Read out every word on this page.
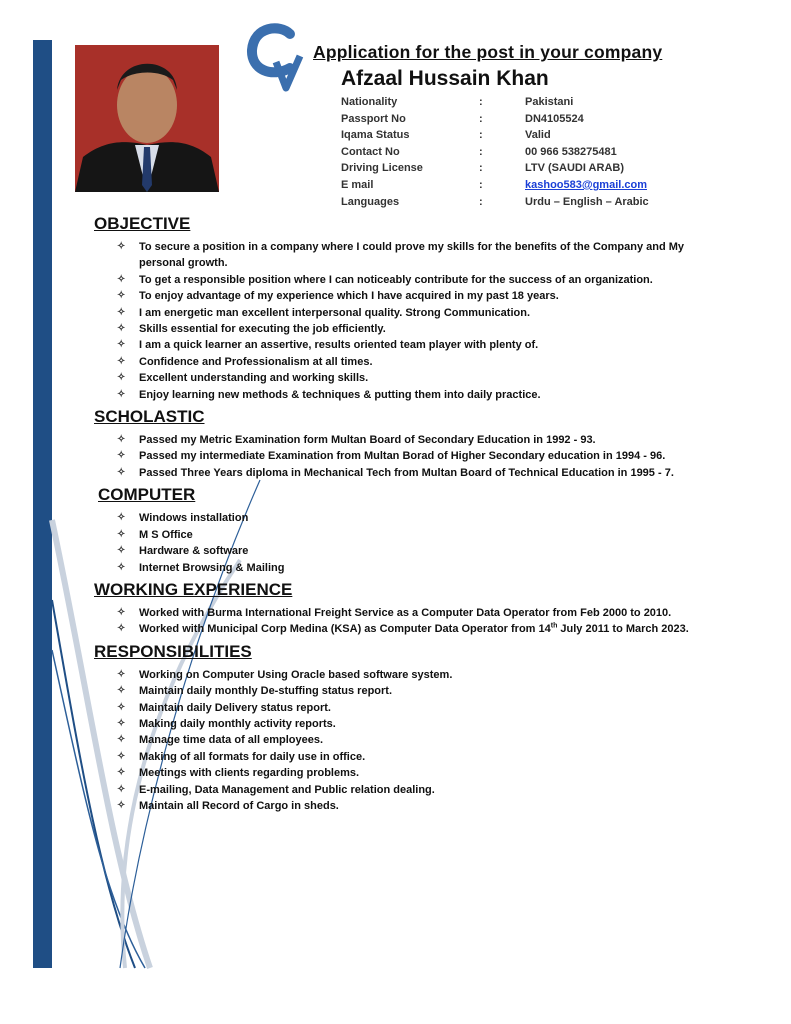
Application for the post in your company
Afzaal Hussain Khan
Nationality	:	Pakistani
Passport No	:	DN4105524
Iqama Status	:	Valid
Contact No	:	00 966 538275481
Driving License	:	LTV (SAUDI ARAB)
E mail	:	kashoo583@gmail.com
Languages	:	Urdu – English – Arabic
OBJECTIVE
✧ To secure a position in a company where I could prove my skills for the benefits of the Company and My personal growth.
✧ To get a responsible position where I can noticeably contribute for the success of an organization.
✧ To enjoy advantage of my experience which I have acquired in my past 18 years.
✧ I am energetic man excellent interpersonal quality. Strong Communication.
✧ Skills essential for executing the job efficiently.
✧ I am a quick learner an assertive, results oriented team player with plenty of.
✧ Confidence and Professionalism at all times.
✧ Excellent understanding and working skills.
✧ Enjoy learning new methods & techniques & putting them into daily practice.
SCHOLASTIC
✧ Passed my Metric Examination form Multan Board of Secondary Education in 1992 - 93.
✧ Passed my intermediate Examination from Multan Borad of Higher Secondary education in 1994 - 96.
✧ Passed Three Years diploma in Mechanical Tech from Multan Board of Technical Education in 1995 - 7.
COMPUTER
✧ Windows installation
✧ M S Office
✧ Hardware & software
✧ Internet Browsing & Mailing
WORKING EXPERIENCE
✧ Worked with Burma International Freight Service as a Computer Data Operator from Feb 2000 to 2010.
✧ Worked with Municipal Corp Medina (KSA) as Computer Data Operator from 14th July 2011 to March 2023.
RESPONSIBILITIES
✧ Working on Computer Using Oracle based software system.
✧ Maintain daily monthly De-stuffing status report.
✧ Maintain daily Delivery status report.
✧ Making daily monthly activity reports.
✧ Manage time data of all employees.
✧ Making of all formats for daily use in office.
✧ Meetings with clients regarding problems.
✧ E-mailing, Data Management and Public relation dealing.
✧ Maintain all Record of Cargo in sheds.
